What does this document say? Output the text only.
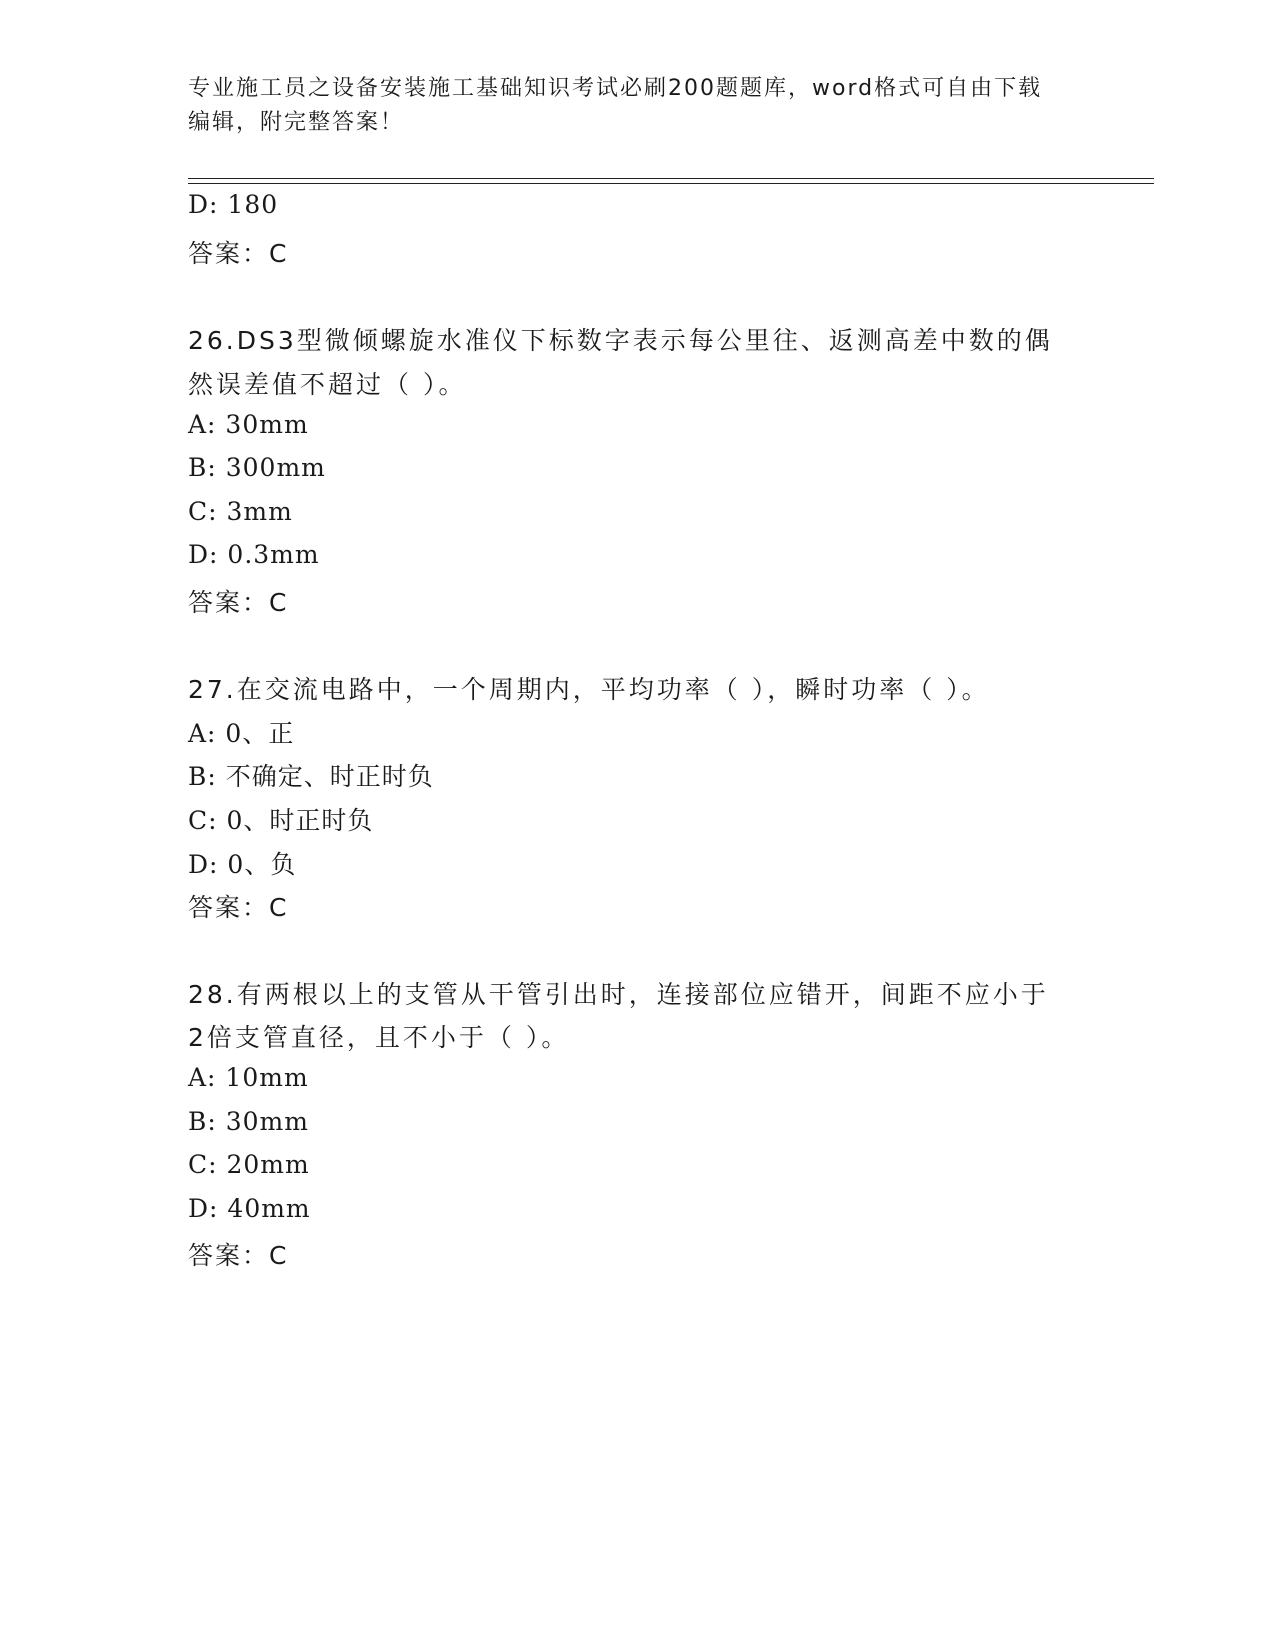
专业施工员之设备安装施工基础知识考试必刷200题题库，word格式可自由下载
编辑，附完整答案！
D: 180
答案：C
26.DS3型微倾螺旋水准仪下标数字表示每公里往、返测高差中数的偶
然误差值不超过（ ）。
A: 30mm
B: 300mm
C: 3mm
D: 0.3mm
答案：C
27.在交流电路中，一个周期内，平均功率（ ），瞬时功率（ ）。
A: 0、正
B: 不确定、时正时负
C: 0、时正时负
D: 0、负
答案：C
28.有两根以上的支管从干管引出时，连接部位应错开，间距不应小于
2倍支管直径，且不小于（ ）。
A: 10mm
B: 30mm
C: 20mm
D: 40mm
答案：C
